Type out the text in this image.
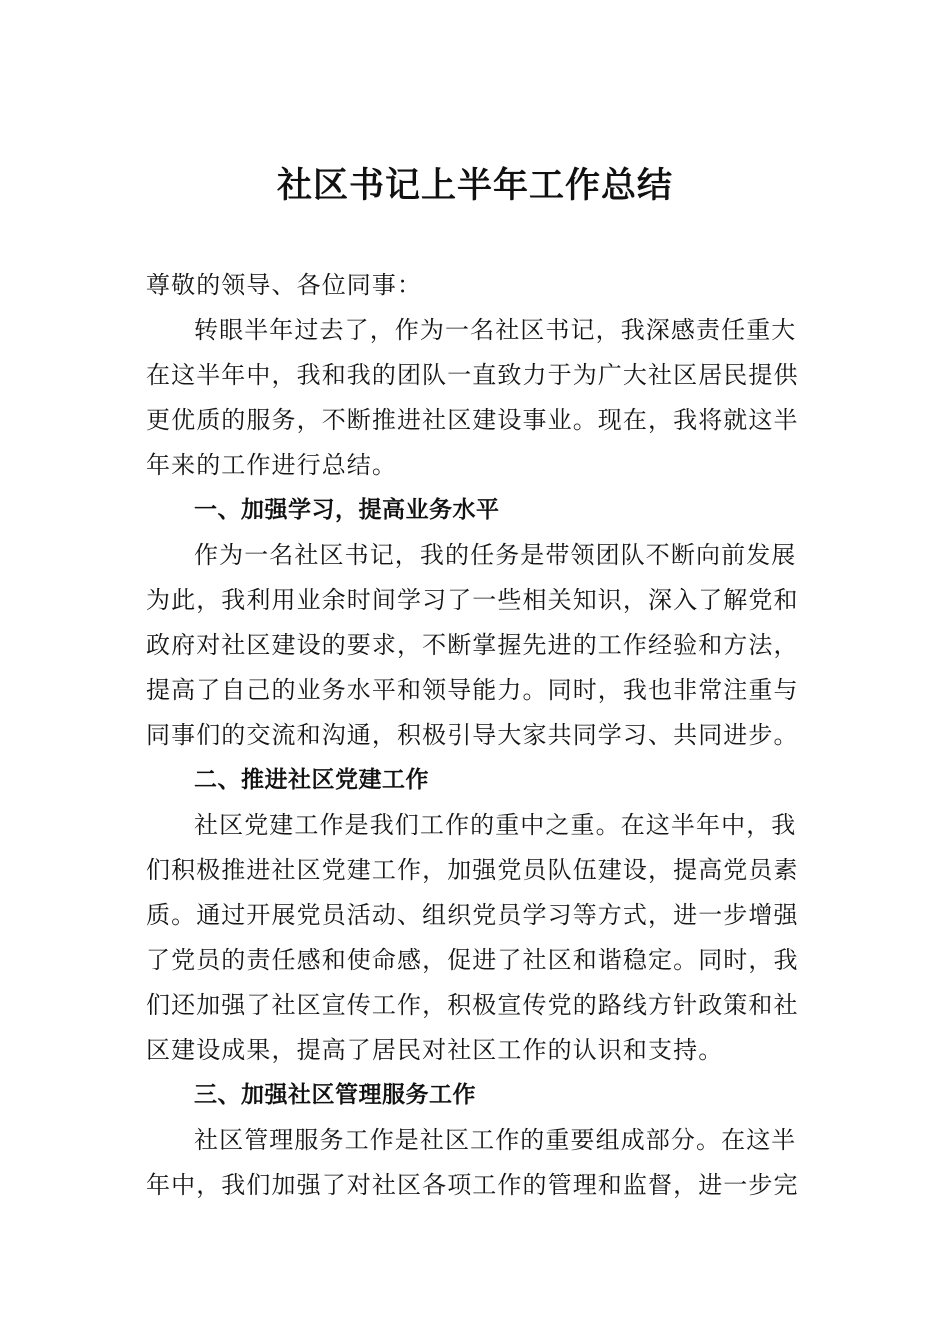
社区书记上半年工作总结
尊敬的领导、各位同事：
转眼半年过去了，作为一名社区书记，我深感责任重大
在这半年中，我和我的团队一直致力于为广大社区居民提供
更优质的服务，不断推进社区建设事业。现在，我将就这半
年来的工作进行总结。
一、加强学习，提高业务水平
作为一名社区书记，我的任务是带领团队不断向前发展
为此，我利用业余时间学习了一些相关知识，深入了解党和
政府对社区建设的要求，不断掌握先进的工作经验和方法，
提高了自己的业务水平和领导能力。同时，我也非常注重与
同事们的交流和沟通，积极引导大家共同学习、共同进步。
二、推进社区党建工作
社区党建工作是我们工作的重中之重。在这半年中，我
们积极推进社区党建工作，加强党员队伍建设，提高党员素
质。通过开展党员活动、组织党员学习等方式，进一步增强
了党员的责任感和使命感，促进了社区和谐稳定。同时，我
们还加强了社区宣传工作，积极宣传党的路线方针政策和社
区建设成果，提高了居民对社区工作的认识和支持。
三、加强社区管理服务工作
社区管理服务工作是社区工作的重要组成部分。在这半
年中，我们加强了对社区各项工作的管理和监督，进一步完
